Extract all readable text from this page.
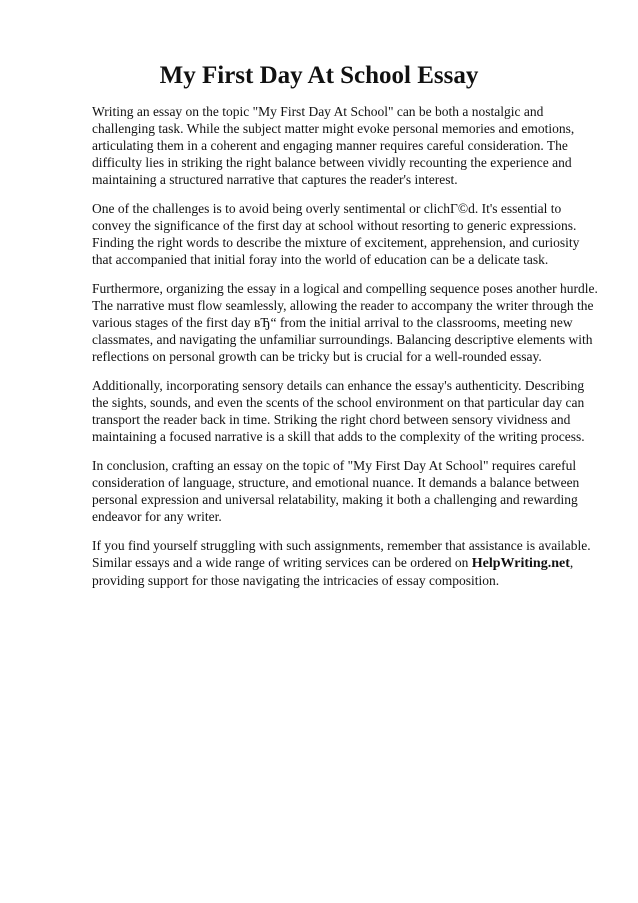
My First Day At School Essay

Writing an essay on the topic "My First Day At School" can be both a nostalgic and challenging task. While the subject matter might evoke personal memories and emotions, articulating them in a coherent and engaging manner requires careful consideration. The difficulty lies in striking the right balance between vividly recounting the experience and maintaining a structured narrative that captures the reader's interest.

One of the challenges is to avoid being overly sentimental or clichГ©d. It's essential to convey the significance of the first day at school without resorting to generic expressions. Finding the right words to describe the mixture of excitement, apprehension, and curiosity that accompanied that initial foray into the world of education can be a delicate task.

Furthermore, organizing the essay in a logical and compelling sequence poses another hurdle. The narrative must flow seamlessly, allowing the reader to accompany the writer through the various stages of the first day вЂ“ from the initial arrival to the classrooms, meeting new classmates, and navigating the unfamiliar surroundings. Balancing descriptive elements with reflections on personal growth can be tricky but is crucial for a well-rounded essay.

Additionally, incorporating sensory details can enhance the essay's authenticity. Describing the sights, sounds, and even the scents of the school environment on that particular day can transport the reader back in time. Striking the right chord between sensory vividness and maintaining a focused narrative is a skill that adds to the complexity of the writing process.

In conclusion, crafting an essay on the topic of "My First Day At School" requires careful consideration of language, structure, and emotional nuance. It demands a balance between personal expression and universal relatability, making it both a challenging and rewarding endeavor for any writer.

If you find yourself struggling with such assignments, remember that assistance is available. Similar essays and a wide range of writing services can be ordered on HelpWriting.net, providing support for those navigating the intricacies of essay composition.
